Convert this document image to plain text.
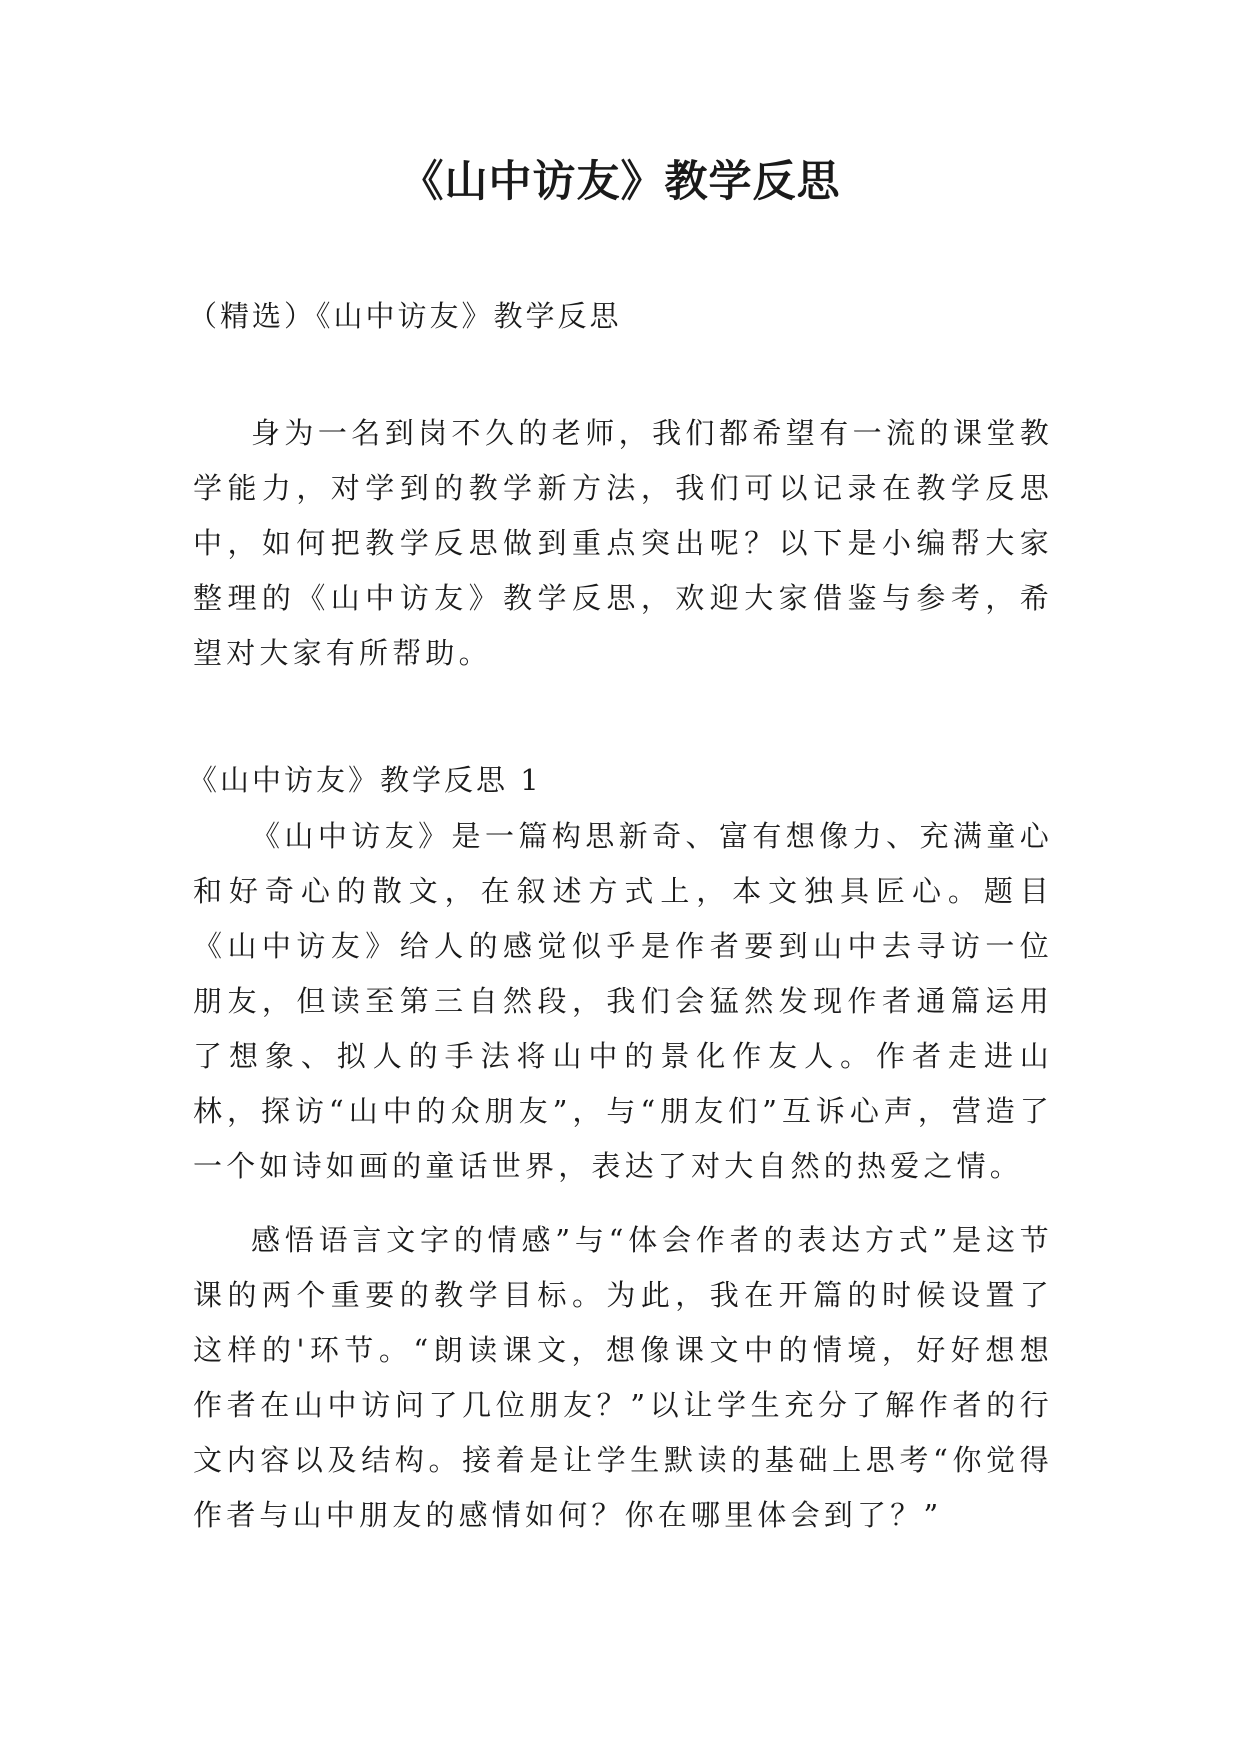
《山中访友》教学反思

（精选）《山中访友》教学反思

身为一名到岗不久的老师，我们都希望有一流的课堂教学能力，对学到的教学新方法，我们可以记录在教学反思中，如何把教学反思做到重点突出呢？以下是小编帮大家整理的《山中访友》教学反思，欢迎大家借鉴与参考，希望对大家有所帮助。

《山中访友》教学反思 1

《山中访友》是一篇构思新奇、富有想像力、充满童心和好奇心的散文，在叙述方式上，本文独具匠心。题目《山中访友》给人的感觉似乎是作者要到山中去寻访一位朋友，但读至第三自然段，我们会猛然发现作者通篇运用了想象、拟人的手法将山中的景化作友人。作者走进山林，探访“山中的众朋友”，与“朋友们”互诉心声，营造了一个如诗如画的童话世界，表达了对大自然的热爱之情。

感悟语言文字的情感”与“体会作者的表达方式”是这节课的两个重要的教学目标。为此，我在开篇的时候设置了这样的'环节。“朗读课文，想像课文中的情境，好好想想作者在山中访问了几位朋友？”以让学生充分了解作者的行文内容以及结构。接着是让学生默读的基础上思考“你觉得作者与山中朋友的感情如何？你在哪里体会到了？”
